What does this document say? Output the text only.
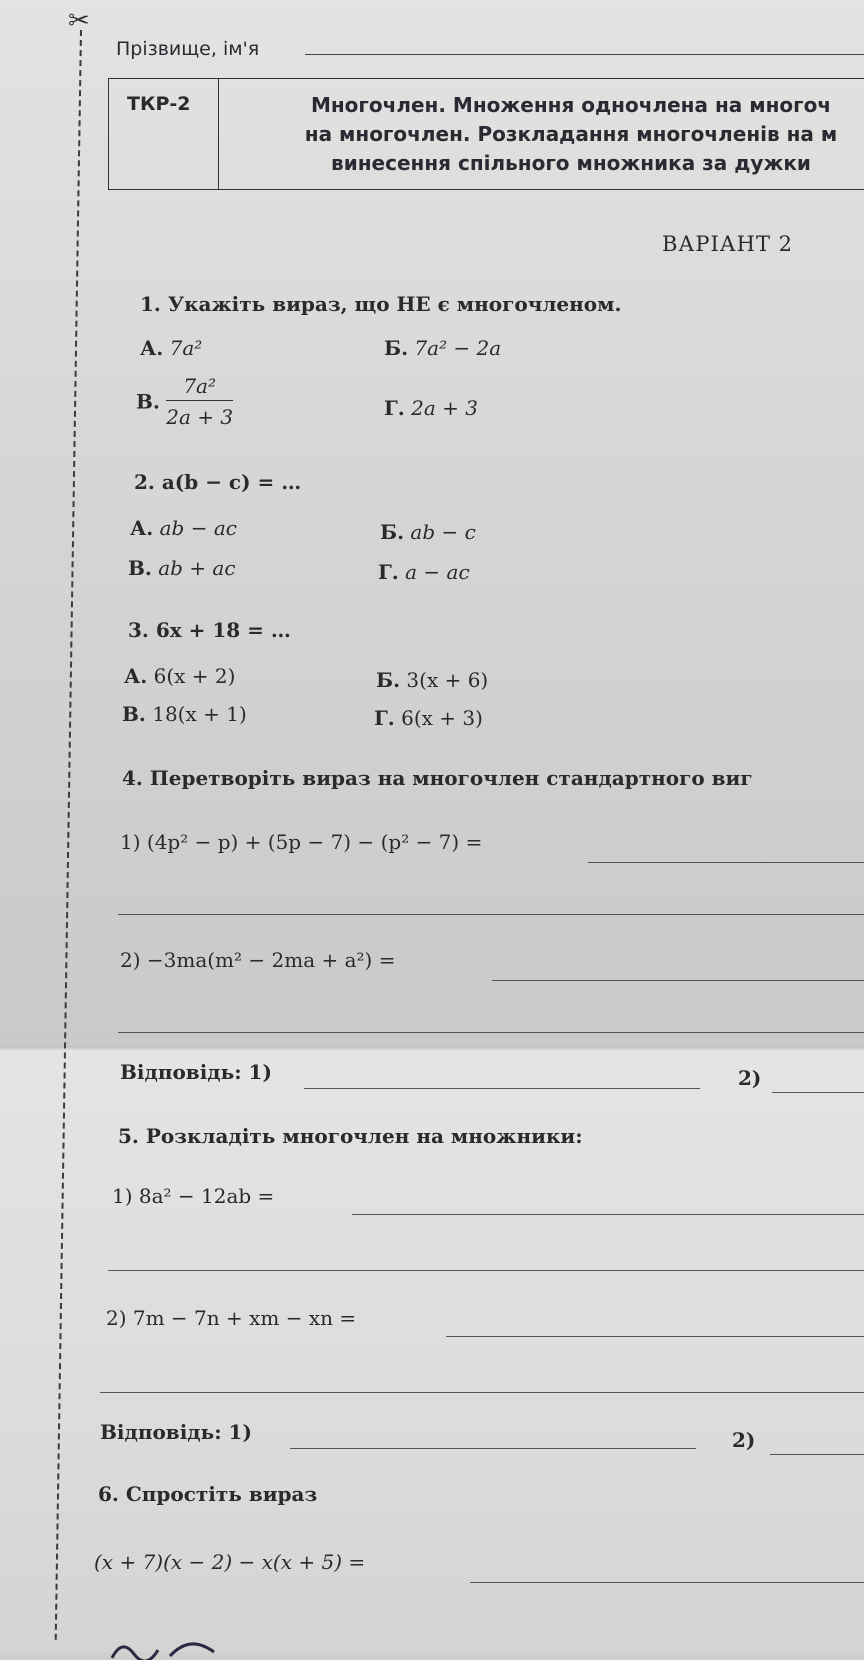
✂
Прізвище, ім'я
ТКР-2	Многочлен. Множення одночлена на многоч
на многочлен. Розкладання многочленів на м
винесення спільного множника за дужки
ВАРІАНТ 2
1. Укажіть вираз, що НЕ є многочленом.
А. 7a²	Б. 7a² − 2a
В. $\frac{\text{7a²}}{2a + 3}$	Г. 2a + 3
2. a(b − c) = …
А. ab − ac	Б. ab − c
В. ab + ac	Г. a − ac
3. 6x + 18 = …
А. 6(x + 2)	Б. 3(x + 6)
В. 18(x + 1)	Г. 6(x + 3)
4. Перетворіть вираз на многочлен стандартного виг
1) (4p² − p) + (5p − 7) − (p² − 7) =
2) −3ma(m² − 2ma + a²) =
Відповідь: 1)	2)
5. Розкладіть многочлен на множники:
1) 8a² − 12ab =
2) 7m − 7n + xm − xn =
Відповідь: 1)	2)
6. Спростіть вираз
(x + 7)(x − 2) − x(x + 5) =
